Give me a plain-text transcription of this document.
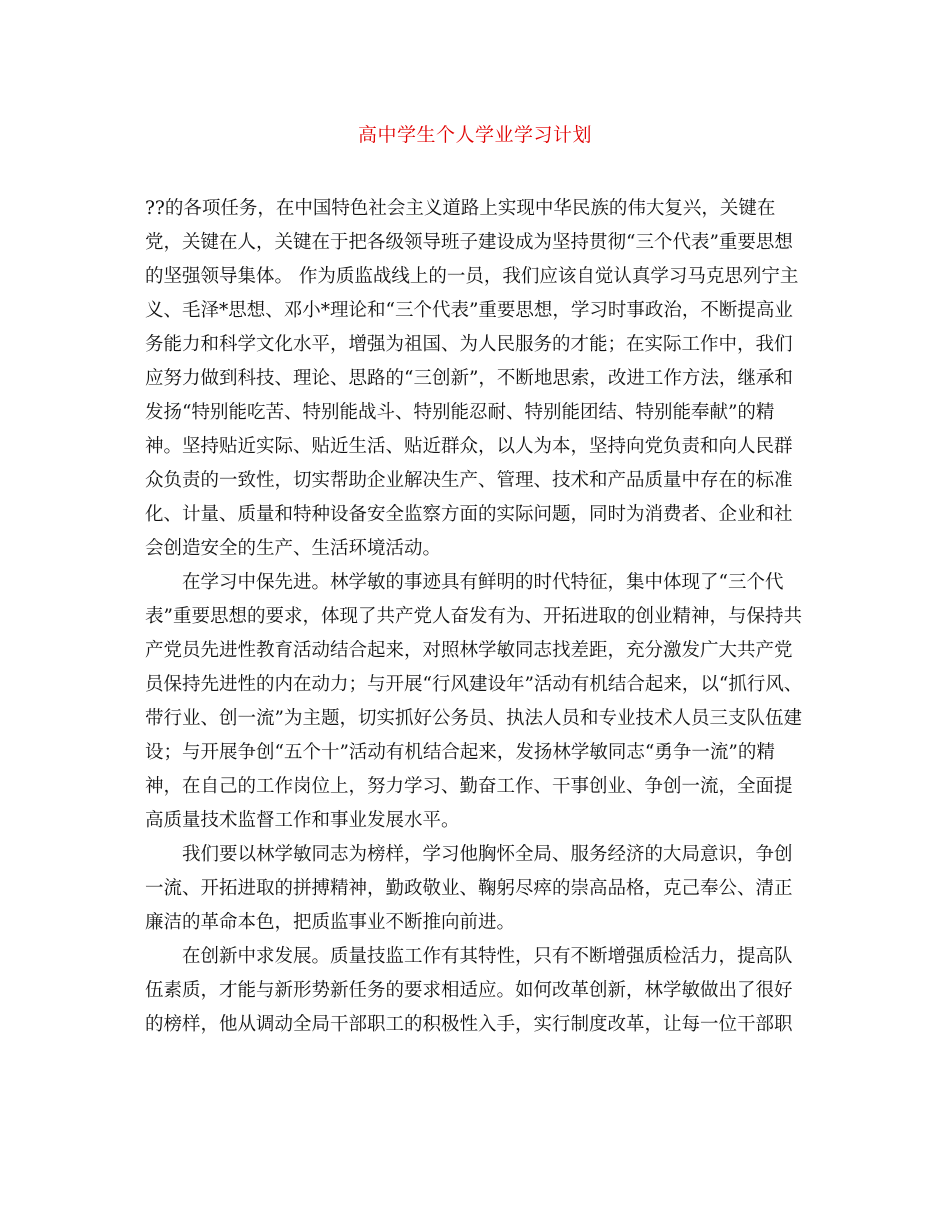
高中学生个人学业学习计划
??的各项任务，在中国特色社会主义道路上实现中华民族的伟大复兴，关键在
党，关键在人，关键在于把各级领导班子建设成为坚持贯彻“三个代表”重要思想
的坚强领导集体。 作为质监战线上的一员，我们应该自觉认真学习马克思列宁主
义、毛泽*思想、邓小*理论和“三个代表”重要思想，学习时事政治，不断提高业
务能力和科学文化水平，增强为祖国、为人民服务的才能；在实际工作中，我们
应努力做到科技、理论、思路的“三创新”，不断地思索，改进工作方法，继承和
发扬“特别能吃苦、特别能战斗、特别能忍耐、特别能团结、特别能奉献”的精
神。坚持贴近实际、贴近生活、贴近群众，以人为本，坚持向党负责和向人民群
众负责的一致性，切实帮助企业解决生产、管理、技术和产品质量中存在的标准
化、计量、质量和特种设备安全监察方面的实际问题，同时为消费者、企业和社
会创造安全的生产、生活环境活动。
　　在学习中保先进。林学敏的事迹具有鲜明的时代特征，集中体现了“三个代
表”重要思想的要求，体现了共产党人奋发有为、开拓进取的创业精神，与保持共
产党员先进性教育活动结合起来，对照林学敏同志找差距，充分激发广大共产党
员保持先进性的内在动力；与开展“行风建设年”活动有机结合起来，以“抓行风、
带行业、创一流”为主题，切实抓好公务员、执法人员和专业技术人员三支队伍建
设；与开展争创“五个十”活动有机结合起来，发扬林学敏同志“勇争一流”的精
神，在自己的工作岗位上，努力学习、勤奋工作、干事创业、争创一流，全面提
高质量技术监督工作和事业发展水平。
　　我们要以林学敏同志为榜样，学习他胸怀全局、服务经济的大局意识，争创
一流、开拓进取的拼搏精神，勤政敬业、鞠躬尽瘁的崇高品格，克己奉公、清正
廉洁的革命本色，把质监事业不断推向前进。
　　在创新中求发展。质量技监工作有其特性，只有不断增强质检活力，提高队
伍素质，才能与新形势新任务的要求相适应。如何改革创新，林学敏做出了很好
的榜样，他从调动全局干部职工的积极性入手，实行制度改革，让每一位干部职
